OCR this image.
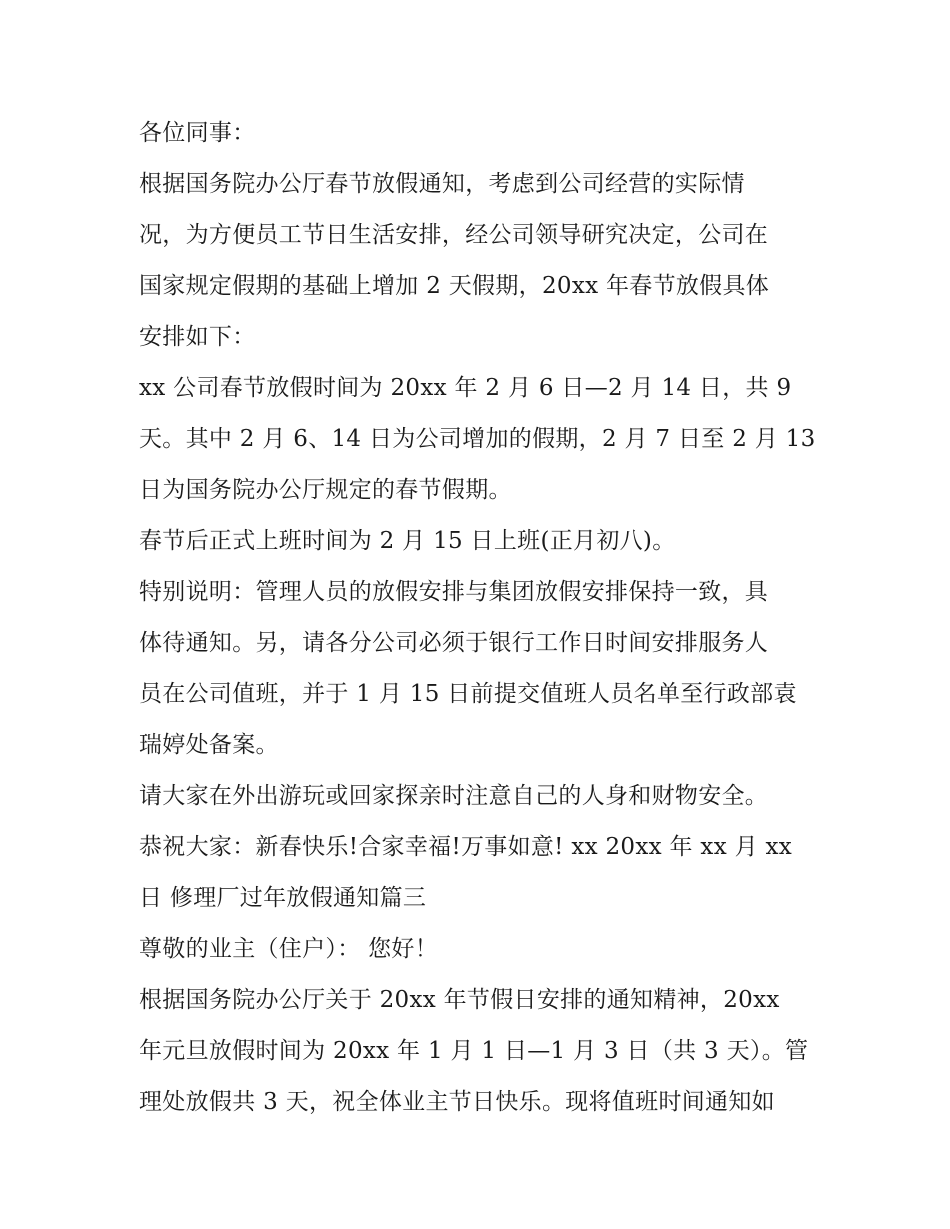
各位同事：
根据国务院办公厅春节放假通知，考虑到公司经营的实际情
况，为方便员工节日生活安排，经公司领导研究决定，公司在
国家规定假期的基础上增加 2 天假期，20xx 年春节放假具体
安排如下：
xx 公司春节放假时间为 20xx 年 2 月 6 日—2 月 14 日，共 9
天。其中 2 月 6、14 日为公司增加的假期，2 月 7 日至 2 月 13
日为国务院办公厅规定的春节假期。
春节后正式上班时间为 2 月 15 日上班(正月初八)。
特别说明：管理人员的放假安排与集团放假安排保持一致，具
体待通知。另，请各分公司必须于银行工作日时间安排服务人
员在公司值班，并于 1 月 15 日前提交值班人员名单至行政部袁
瑞婷处备案。
请大家在外出游玩或回家探亲时注意自己的人身和财物安全。
恭祝大家：新春快乐!合家幸福!万事如意! xx 20xx 年 xx 月 xx
日 修理厂过年放假通知篇三
尊敬的业主（住户）： 您好！
根据国务院办公厅关于 20xx 年节假日安排的通知精神，20xx
年元旦放假时间为 20xx 年 1 月 1 日—1 月 3 日（共 3 天）。管
理处放假共 3 天，祝全体业主节日快乐。现将值班时间通知如
